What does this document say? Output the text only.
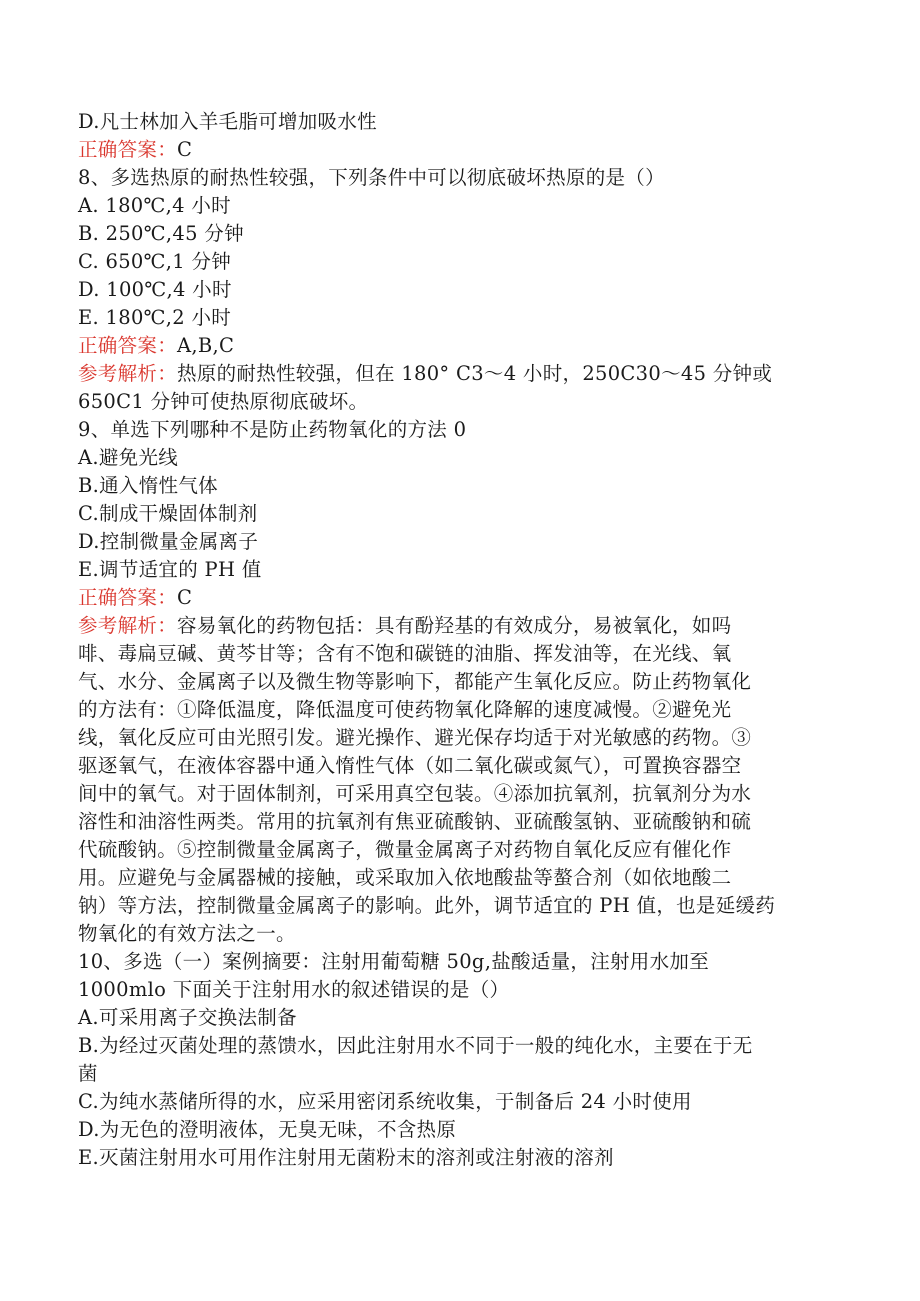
D.凡士林加入羊毛脂可增加吸水性
正确答案：C
8、多选热原的耐热性较强，下列条件中可以彻底破坏热原的是（）
A. 180℃,4 小时
B. 250℃,45 分钟
C. 650℃,1 分钟
D. 100℃,4 小时
E. 180℃,2 小时
正确答案：A,B,C
参考解析：热原的耐热性较强，但在 180° C3～4 小时，250C30～45 分钟或
650C1 分钟可使热原彻底破坏。
9、单选下列哪种不是防止药物氧化的方法 0
A.避免光线
B.通入惰性气体
C.制成干燥固体制剂
D.控制微量金属离子
E.调节适宜的 PH 值
正确答案：C
参考解析：容易氧化的药物包括：具有酚羟基的有效成分，易被氧化，如吗
啡、毒扁豆碱、黄芩甘等；含有不饱和碳链的油脂、挥发油等，在光线、氧
气、水分、金属离子以及微生物等影响下，都能产生氧化反应。防止药物氧化
的方法有：①降低温度，降低温度可使药物氧化降解的速度减慢。②避免光
线，氧化反应可由光照引发。避光操作、避光保存均适于对光敏感的药物。③
驱逐氧气，在液体容器中通入惰性气体（如二氧化碳或氮气），可置换容器空
间中的氧气。对于固体制剂，可采用真空包装。④添加抗氧剂，抗氧剂分为水
溶性和油溶性两类。常用的抗氧剂有焦亚硫酸钠、亚硫酸氢钠、亚硫酸钠和硫
代硫酸钠。⑤控制微量金属离子，微量金属离子对药物自氧化反应有催化作
用。应避免与金属器械的接触，或采取加入依地酸盐等螯合剂（如依地酸二
钠）等方法，控制微量金属离子的影响。此外，调节适宜的 PH 值，也是延缓药
物氧化的有效方法之一。
10、多选（一）案例摘要：注射用葡萄糖 50g,盐酸适量，注射用水加至
1000mlo 下面关于注射用水的叙述错误的是（）
A.可采用离子交换法制备
B.为经过灭菌处理的蒸馈水，因此注射用水不同于一般的纯化水，主要在于无
菌
C.为纯水蒸储所得的水，应采用密闭系统收集，于制备后 24 小时使用
D.为无色的澄明液体，无臭无味，不含热原
E.灭菌注射用水可用作注射用无菌粉末的溶剂或注射液的溶剂
